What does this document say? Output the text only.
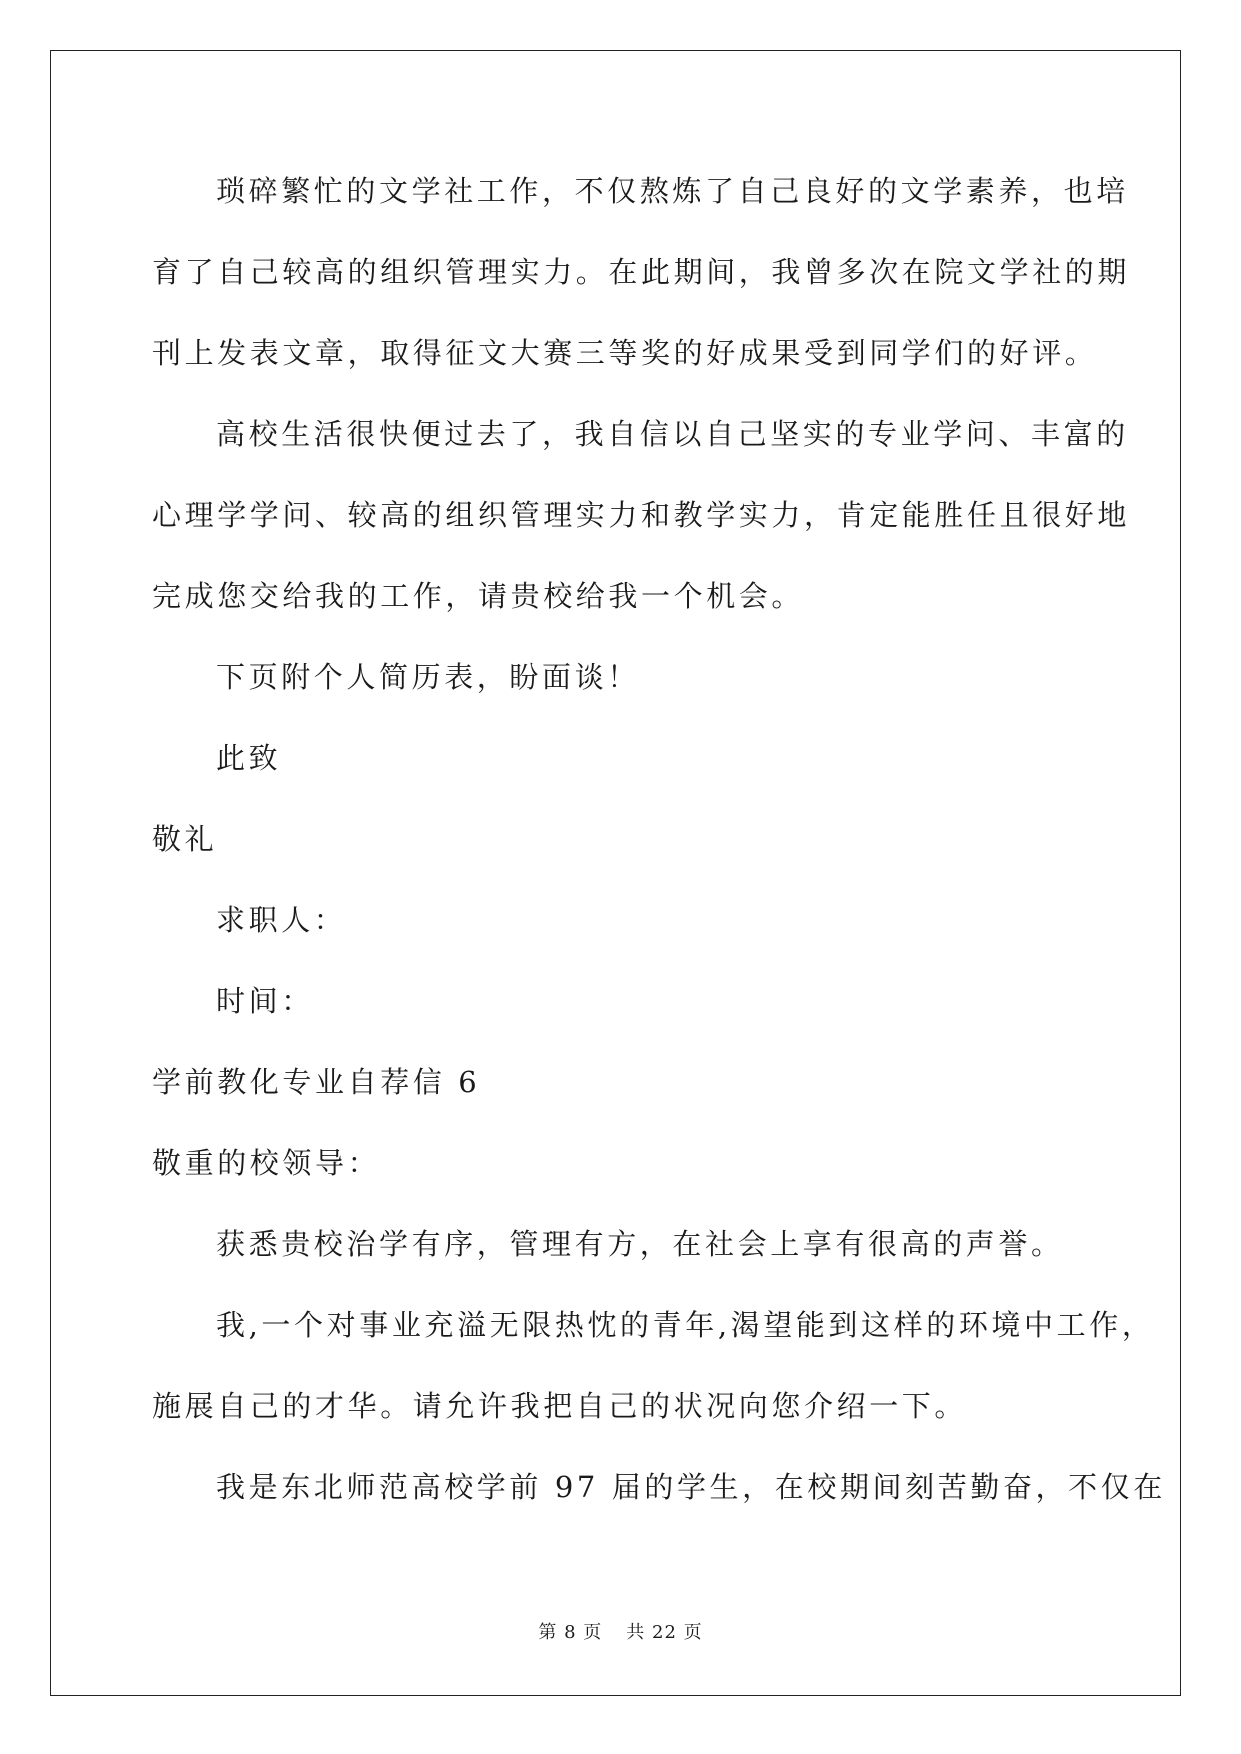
琐碎繁忙的文学社工作，不仅熬炼了自己良好的文学素养，也培
育了自己较高的组织管理实力。在此期间，我曾多次在院文学社的期
刊上发表文章，取得征文大赛三等奖的好成果受到同学们的好评。
高校生活很快便过去了，我自信以自己坚实的专业学问、丰富的
心理学学问、较高的组织管理实力和教学实力，肯定能胜任且很好地
完成您交给我的工作，请贵校给我一个机会。
下页附个人简历表，盼面谈！
此致
敬礼
求职人：
时间：
学前教化专业自荐信 6
敬重的校领导：
获悉贵校治学有序，管理有方，在社会上享有很高的声誉。
我,一个对事业充溢无限热忱的青年,渴望能到这样的环境中工作，
施展自己的才华。请允许我把自己的状况向您介绍一下。
我是东北师范高校学前 97 届的学生，在校期间刻苦勤奋，不仅在
第 8 页 共 22 页
